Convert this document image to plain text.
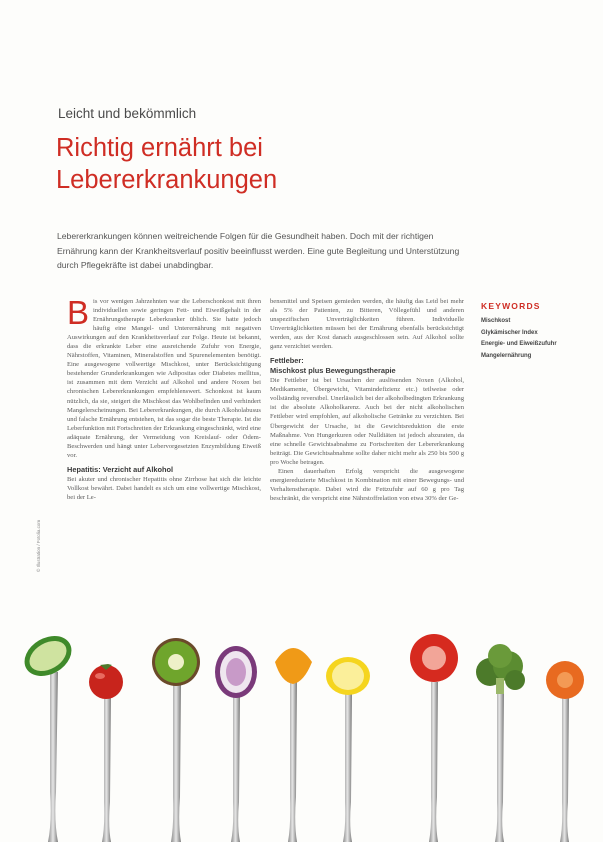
Leicht und bekömmlich
Richtig ernährt bei Lebererkrankungen
Lebererkrankungen können weitreichende Folgen für die Gesundheit haben. Doch mit der richtigen Ernährung kann der Krankheitsverlauf positiv beeinflusst werden. Eine gute Begleitung und Unterstützung durch Pflegekräfte ist dabei unabdingbar.
B is vor wenigen Jahrzehnten war die Leberschonkost mit ihren individuellen sowie geringen Fett- und Eiweißgehalt in der Ernährungstherapie Leberkranker üblich. Sie hatte jedoch häufig eine Mangel- und Unterernährung mit negativen Auswirkungen auf den Krankheitsverlauf zur Folge. Heute ist bekannt, dass die erkrankte Leber eine ausreichende Zufuhr von Energie, Nährstoffen, Vitaminen, Mineralstoffen und Spurenelementen benötigt. Eine ausgewogene vollwertige Mischkost, unter Berücksichtigung bestehender Grunderkrankungen wie Adipositas oder Diabetes mellitus, ist zusammen mit dem Verzicht auf Alkohol und andere Noxen bei chronischen Lebererkrankungen empfehlenswert. Schonkost ist kaum nützlich, da sie, steigert die Mischkost das Wohlbefinden und verhindert Mangelerscheinungen. Bei Lebererkrankungen, die durch Alkoholabusus und falsche Ernährung entstehen, ist das sogar die beste Therapie. Ist die Leberfunktion mit Fortschreiten der Erkrankung eingeschränkt, wird eine adäquate Ernährung, der Vermeidung von Kreislauf- oder Ödem-Beschwerden und hängt unter Lebervorgesetzten Enzymbildung Eiweiß vor.

Hepatitis: Verzicht auf Alkohol

Bei akuter und chronischer Hepatitis ohne Zirrhose hat sich die leichte Vollkost bewährt. Dabei handelt es sich um eine vollwertige Mischkost, bei der Le-

bensmittel und Speisen gemieden werden, die häufig das Leid bei mehr als 5% der Patienten, zu Bitteren, Völlegefühl und anderen unspezifischen Unverträglichkeiten führen. Individuelle Unverträglichkeiten müssen bei der Ernährung ebenfalls berücksichtigt werden, aus der Kost danach ausgeschlossen sein. Auf Alkohol sollte ganz verzichtet werden.

Fettleber:
Mischkost plus Bewegungstherapie

Die Fettleber ist bei Ursachen der auslösenden Noxen (Alkohol, Medikamente, Übergewicht, Vitamindefizienz etc.) teilweise oder vollständig reversibel. Unerlässlich bei der alkoholbedingten Erkrankung ist die absolute Alkoholkarenz. Auch bei der nicht alkoholischen Fettleber wird empfohlen, auf alkoholische Getränke zu verzichten. Bei Übergewicht der Ursache, ist die Gewichtsreduktion die erste Maßnahme. Von Hungerkuren oder Nulldiäten ist jedoch abzuraten, da eine schnelle Gewichtsabnahme zu Fortschreiten der Lebererkrankung beiträgt. Die Gewichtsabnahme sollte daher nicht mehr als 250 bis 500 g pro Woche betragen.

Einen dauerhaften Erfolg verspricht die ausgewogene energiereduzierte Mischkost in Kombination mit einer Bewegungs- und Verhaltenstherapie. Dabei wird die Fettzufuhr auf 60 g pro Tag beschränkt, die verspricht eine Nährstoffrelation von etwa 30% der Ge-

KEYWORDS
Mischkost
Glykämischer Index
Energie- und Eiweißzufuhr
Mangelernährung
© Illustration / Fotolia.com
